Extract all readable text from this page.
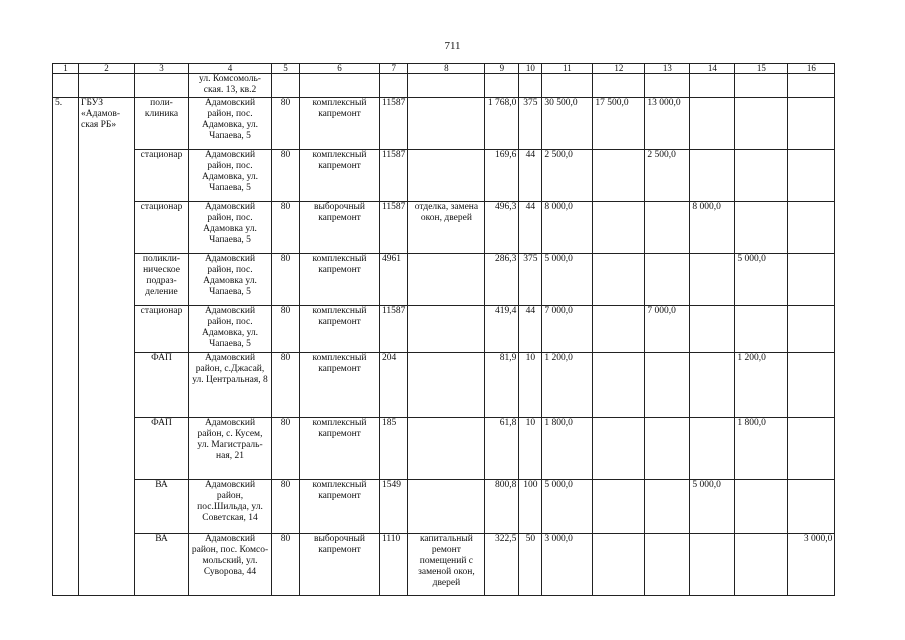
711
1	2	3	4	5	6	7	8	9	10	11	12	13	14	15	16
			ул. Комсомоль-ская. 13, кв.2												
5.	ГБУЗ «Адамов-ская РБ»	поли-клиника	Адамовский район, пос. Адамовка, ул. Чапаева, 5	80	комплексный капремонт	11587		1 768,0	375	30 500,0	17 500,0	13 000,0			
		стационар	Адамовский район, пос. Адамовка, ул. Чапаева, 5	80	комплексный капремонт	11587		169,6	44	2 500,0		2 500,0			
		стационар	Адамовский район, пос. Адамовка ул. Чапаева, 5	80	выборочный капремонт	11587	отделка, замена окон, дверей	496,3	44	8 000,0			8 000,0		
		поликли-ническое подраз-деление	Адамовский район, пос. Адамовка ул. Чапаева, 5	80	комплексный капремонт	4961		286,3	375	5 000,0				5 000,0	
		стационар	Адамовский район, пос. Адамовка, ул. Чапаева, 5	80	комплексный капремонт	11587		419,4	44	7 000,0		7 000,0			
		ФАП	Адамовский район, с.Джасай, ул. Центральная, 8	80	комплексный капремонт	204		81,9	10	1 200,0				1 200,0	
		ФАП	Адамовский район, с. Кусем, ул. Магистраль-ная, 21	80	комплексный капремонт	185		61,8	10	1 800,0				1 800,0	
		ВА	Адамовский район, пос.Шильда, ул. Советская, 14	80	комплексный капремонт	1549		800,8	100	5 000,0			5 000,0		
		ВА	Адамовский район, пос. Комсо-мольский, ул. Суворова, 44	80	выборочный капремонт	1110	капитальный ремонт помещений с заменой окон, дверей	322,5	50	3 000,0					3 000,0
